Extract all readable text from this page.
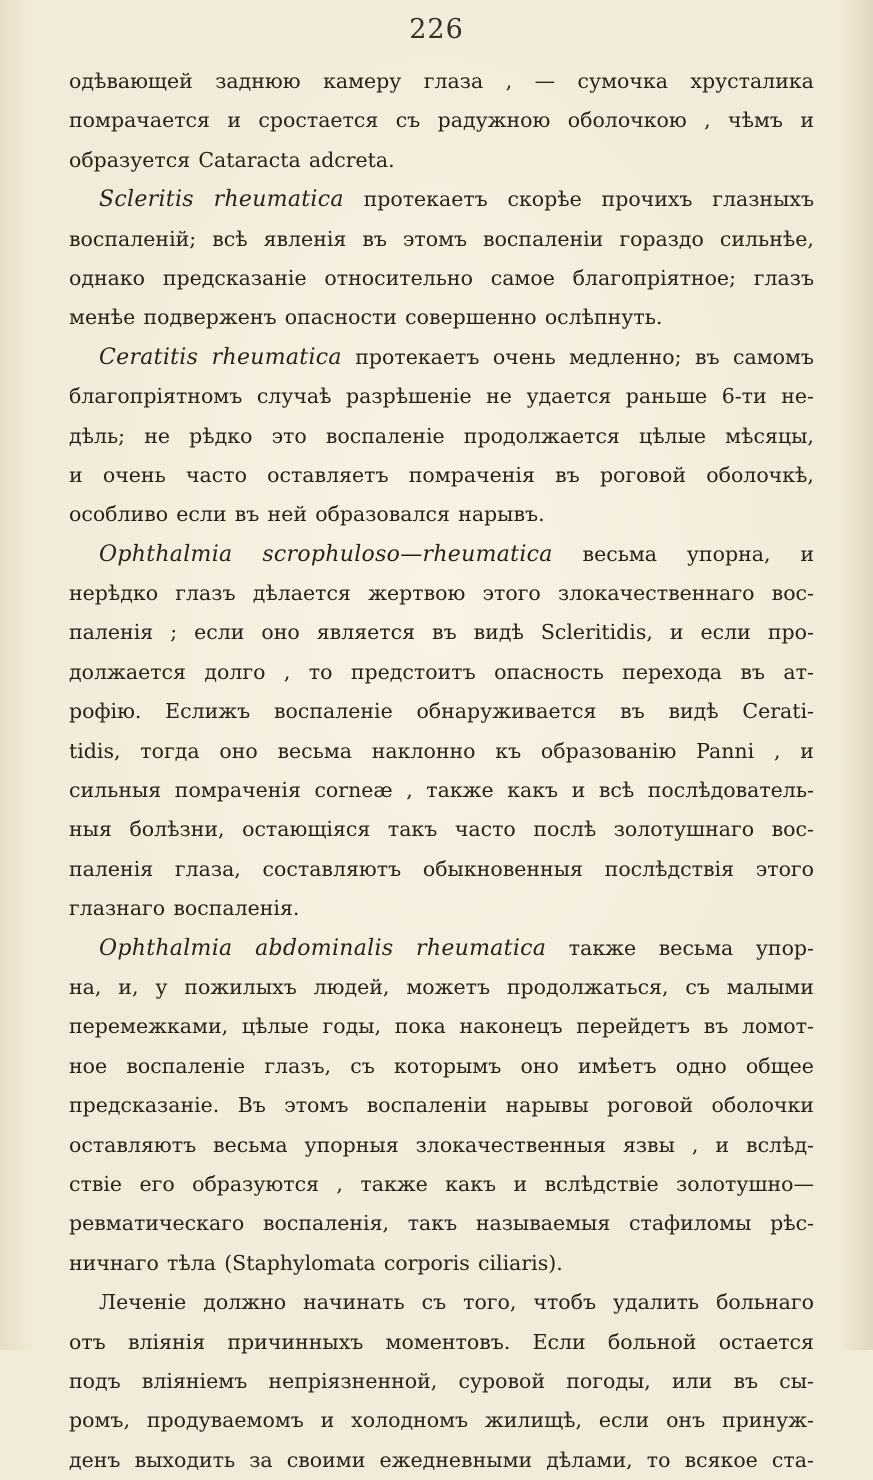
226
одѣвающей заднюю камеру глаза , — сумочка хрусталика
помрачается и сростается съ радужною оболочкою , чѣмъ и
образуется Cataracta adcreta.
Scleritis rheumatica протекаетъ скорѣе прочихъ глазныхъ
воспаленій; всѣ явленія въ этомъ воспаленіи гораздо сильнѣе,
однако предсказаніе относительно самое благопріятное; глазъ
менѣе подверженъ опасности совершенно ослѣпнуть.
Ceratitis rheumatica протекаетъ очень медленно; въ самомъ
благопріятномъ случаѣ разрѣшеніе не удается раньше 6-ти не-
дѣль; не рѣдко это воспаленіе продолжается цѣлые мѣсяцы,
и очень часто оставляетъ помраченія въ роговой оболочкѣ,
особливо если въ ней образовался нарывъ.
Ophthalmia scrophuloso—rheumatica весьма упорна, и
нерѣдко глазъ дѣлается жертвою этого злокачественнаго вос-
паленія ; если оно является въ видѣ Scleritidis, и если про-
должается долго , то предстоитъ опасность перехода въ ат-
рофію. Еслижъ воспаленіе обнаруживается въ видѣ Cerati-
tidis, тогда оно весьма наклонно къ образованію Panni , и
сильныя помраченія corneæ , также какъ и всѣ послѣдователь-
ныя болѣзни, остающіяся такъ часто послѣ золотушнаго вос-
паленія глаза, составляютъ обыкновенныя послѣдствія этого
глазнаго воспаленія.
Ophthalmia abdominalis rheumatica также весьма упор-
на, и, у пожилыхъ людей, можетъ продолжаться, съ малыми
перемежками, цѣлые годы, пока наконецъ перейдетъ въ ломот-
ное воспаленіе глазъ, съ которымъ оно имѣетъ одно общее
предсказаніе. Въ этомъ воспаленіи нарывы роговой оболочки
оставляютъ весьма упорныя злокачественныя язвы , и вслѣд-
ствіе его образуются , также какъ и вслѣдствіе золотушно—
ревматическаго воспаленія, такъ называемыя стафиломы рѣс-
ничнаго тѣла (Staphylomata corporis ciliaris).
Леченіе должно начинать съ того, чтобъ удалить больнаго
отъ вліянія причинныхъ моментовъ. Если больной остается
подъ вліяніемъ непріязненной, суровой погоды, или въ сы-
ромъ, продуваемомъ и холодномъ жилищѣ, если онъ принуж-
денъ выходить за своими ежедневными дѣлами, то всякое ста-
